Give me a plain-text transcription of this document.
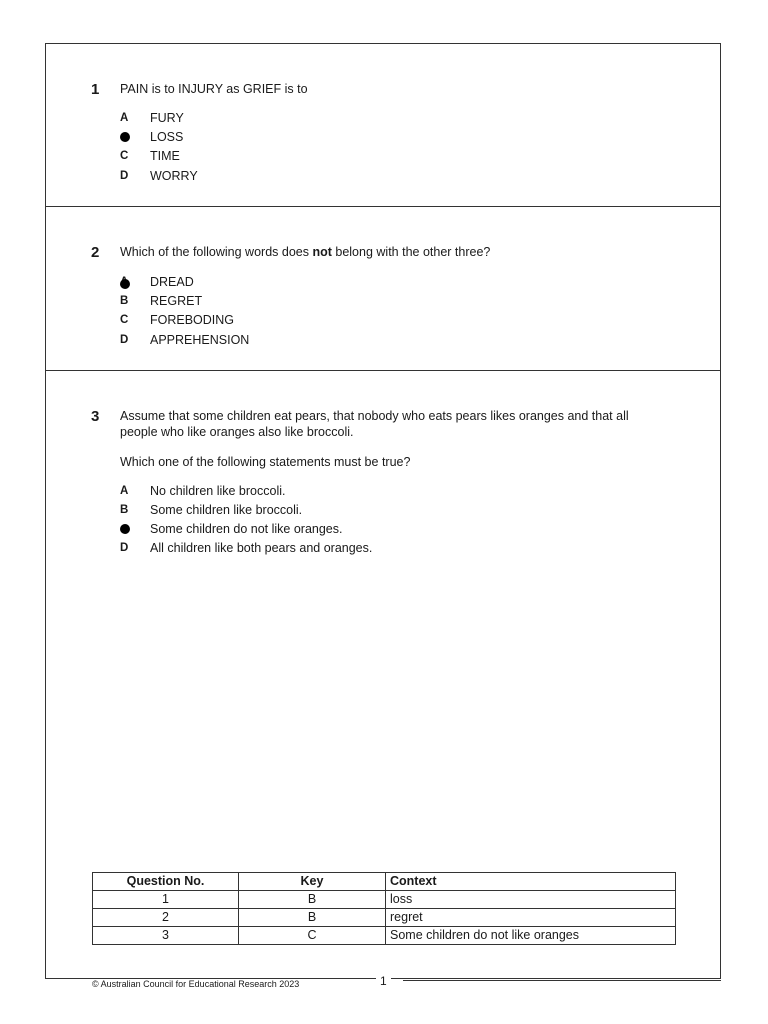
1 PAIN is to INJURY as GRIEF is to
A	FURY
LOSS
C	TIME
D	WORRY
2 Which of the following words does not belong with the other three?
DREAD
B	REGRET
C	FOREBODING
D	APPREHENSION
3 Assume that some children eat pears, that nobody who eats pears likes oranges and that all people who like oranges also like broccoli.
Which one of the following statements must be true?
A	No children like broccoli.
B	Some children like broccoli.
Some children do not like oranges.
D	All children like both pears and oranges.
Question No.	Key	Context
1	B	loss
2	B	regret
3	C	Some children do not like oranges
© Australian Council for Educational Research 2023	1
